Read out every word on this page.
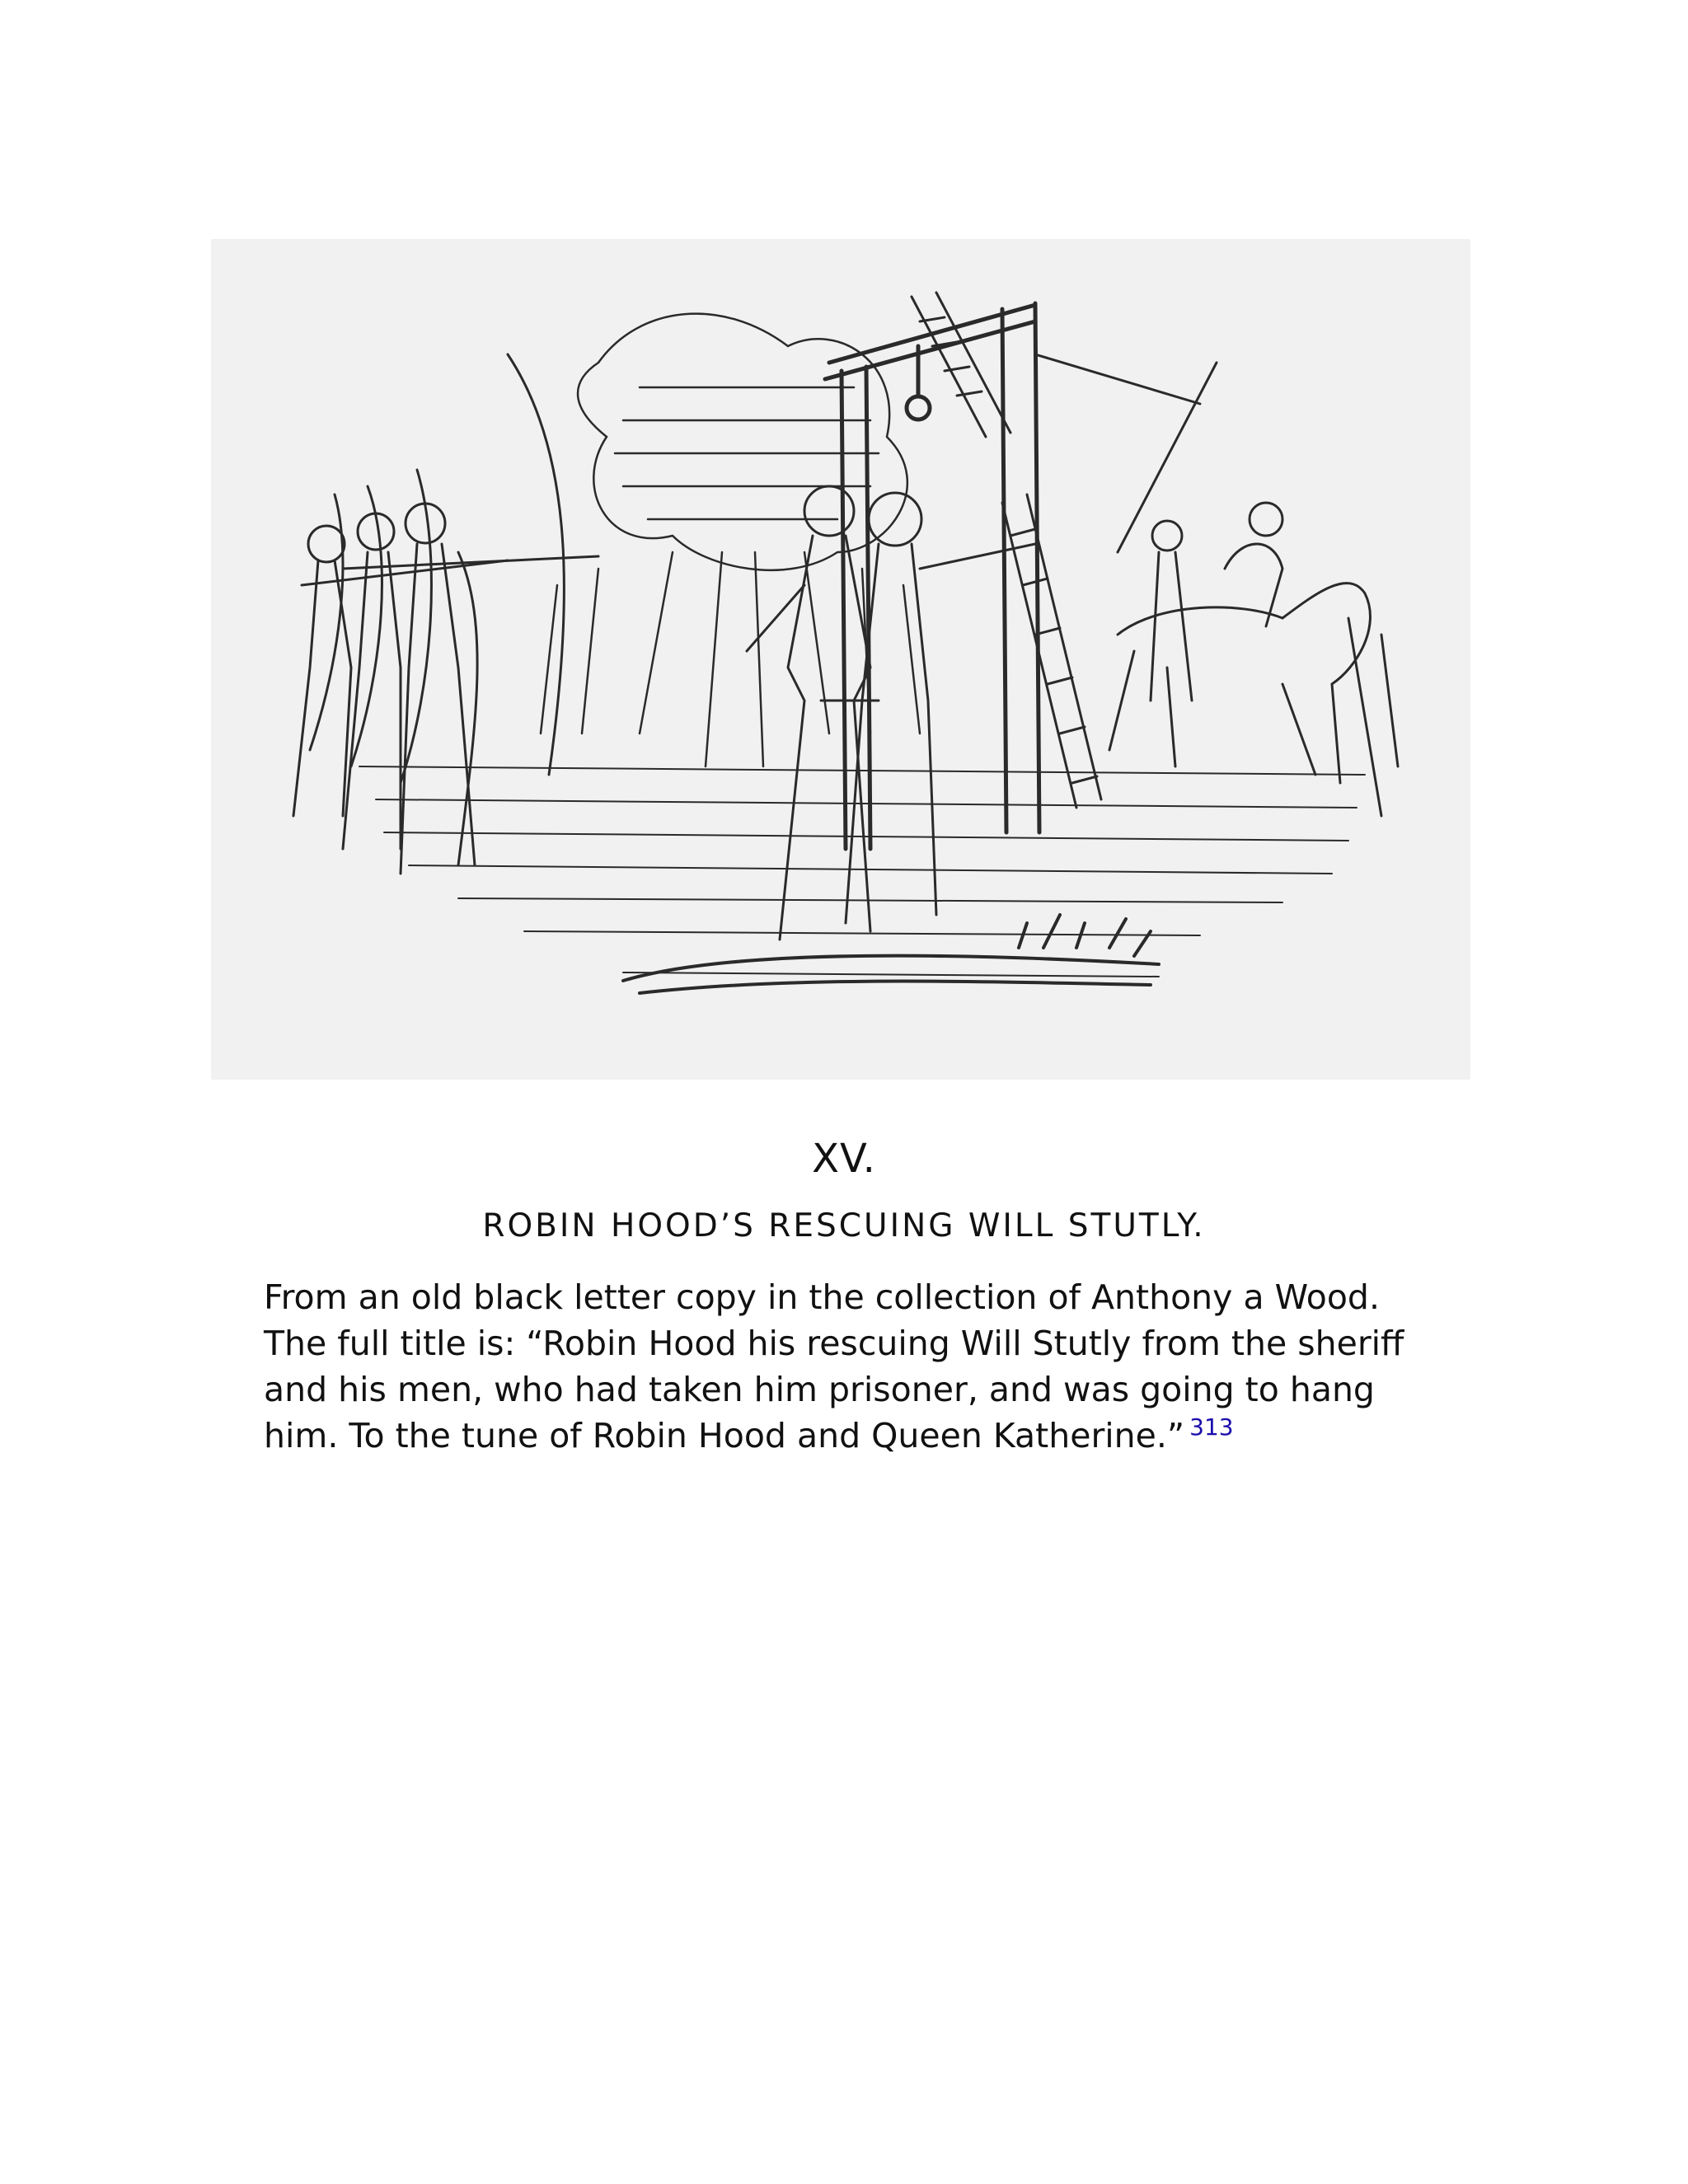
XV.
ROBIN HOOD’S RESCUING WILL STUTLY.

From an old black letter copy in the collection of Anthony a Wood. The full title is: “Robin Hood his rescuing Will Stutly from the sheriff and his men, who had taken him prisoner, and was going to hang him. To the tune of Robin Hood and Queen Katherine.” $^{313}$
